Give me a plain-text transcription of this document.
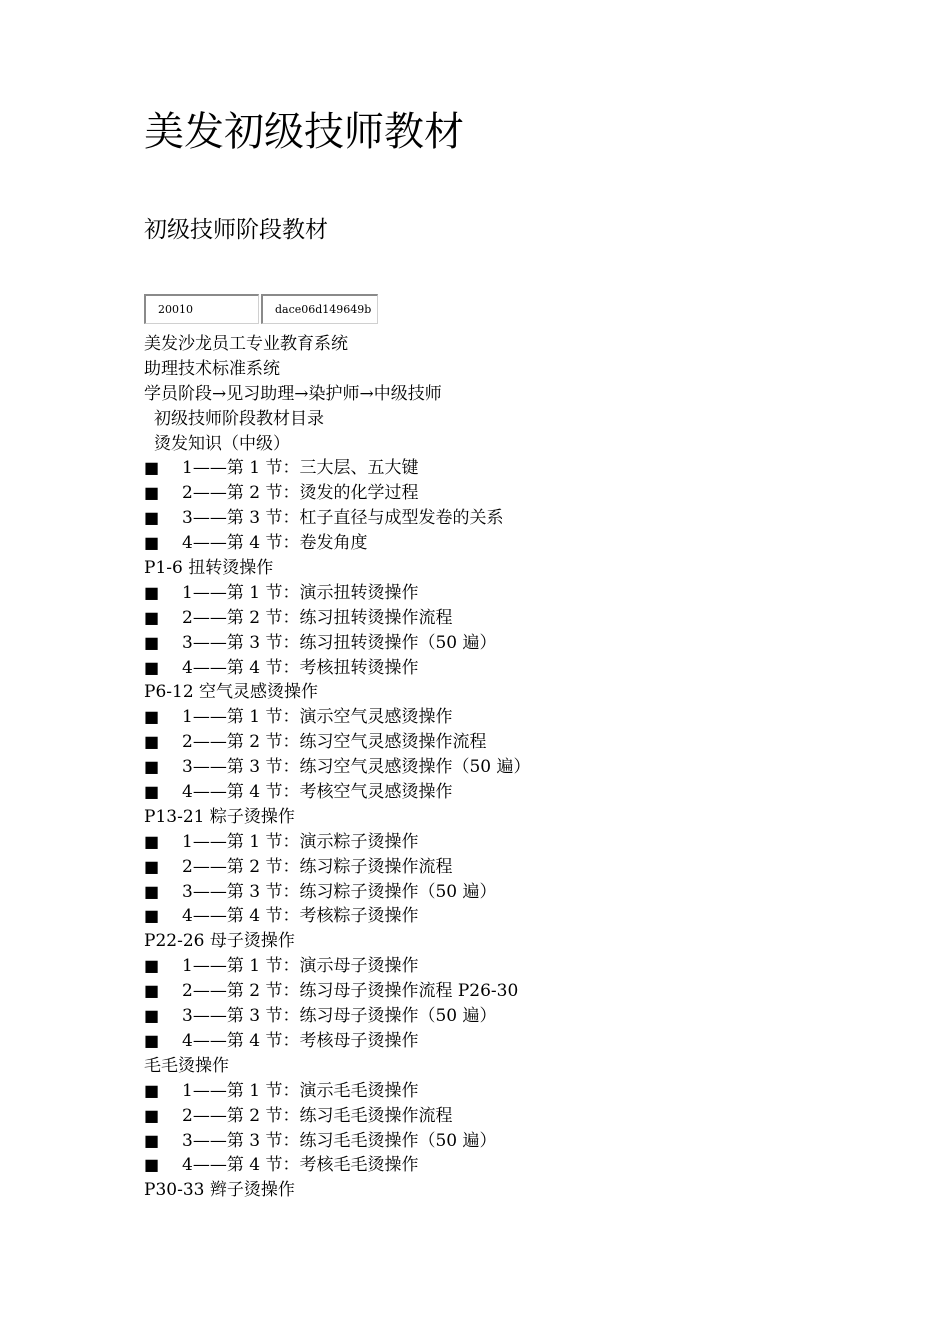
美发初级技师教材
初级技师阶段教材
20010	dace06d149649b
美发沙龙员工专业教育系统
助理技术标准系统
学员阶段→见习助理→染护师→中级技师
初级技师阶段教材目录
烫发知识（中级）
■ 1——第 1 节：三大层、五大键
■ 2——第 2 节：烫发的化学过程
■ 3——第 3 节：杠子直径与成型发卷的关系
■ 4——第 4 节：卷发角度
P1-6 扭转烫操作
■ 1——第 1 节：演示扭转烫操作
■ 2——第 2 节：练习扭转烫操作流程
■ 3——第 3 节：练习扭转烫操作（50 遍）
■ 4——第 4 节：考核扭转烫操作
P6-12 空气灵感烫操作
■ 1——第 1 节：演示空气灵感烫操作
■ 2——第 2 节：练习空气灵感烫操作流程
■ 3——第 3 节：练习空气灵感烫操作（50 遍）
■ 4——第 4 节：考核空气灵感烫操作
P13-21 粽子烫操作
■ 1——第 1 节：演示粽子烫操作
■ 2——第 2 节：练习粽子烫操作流程
■ 3——第 3 节：练习粽子烫操作（50 遍）
■ 4——第 4 节：考核粽子烫操作
P22-26 母子烫操作
■ 1——第 1 节：演示母子烫操作
■ 2——第 2 节：练习母子烫操作流程 P26-30
■ 3——第 3 节：练习母子烫操作（50 遍）
■ 4——第 4 节：考核母子烫操作
毛毛烫操作
■ 1——第 1 节：演示毛毛烫操作
■ 2——第 2 节：练习毛毛烫操作流程
■ 3——第 3 节：练习毛毛烫操作（50 遍）
■ 4——第 4 节：考核毛毛烫操作
P30-33 辫子烫操作
